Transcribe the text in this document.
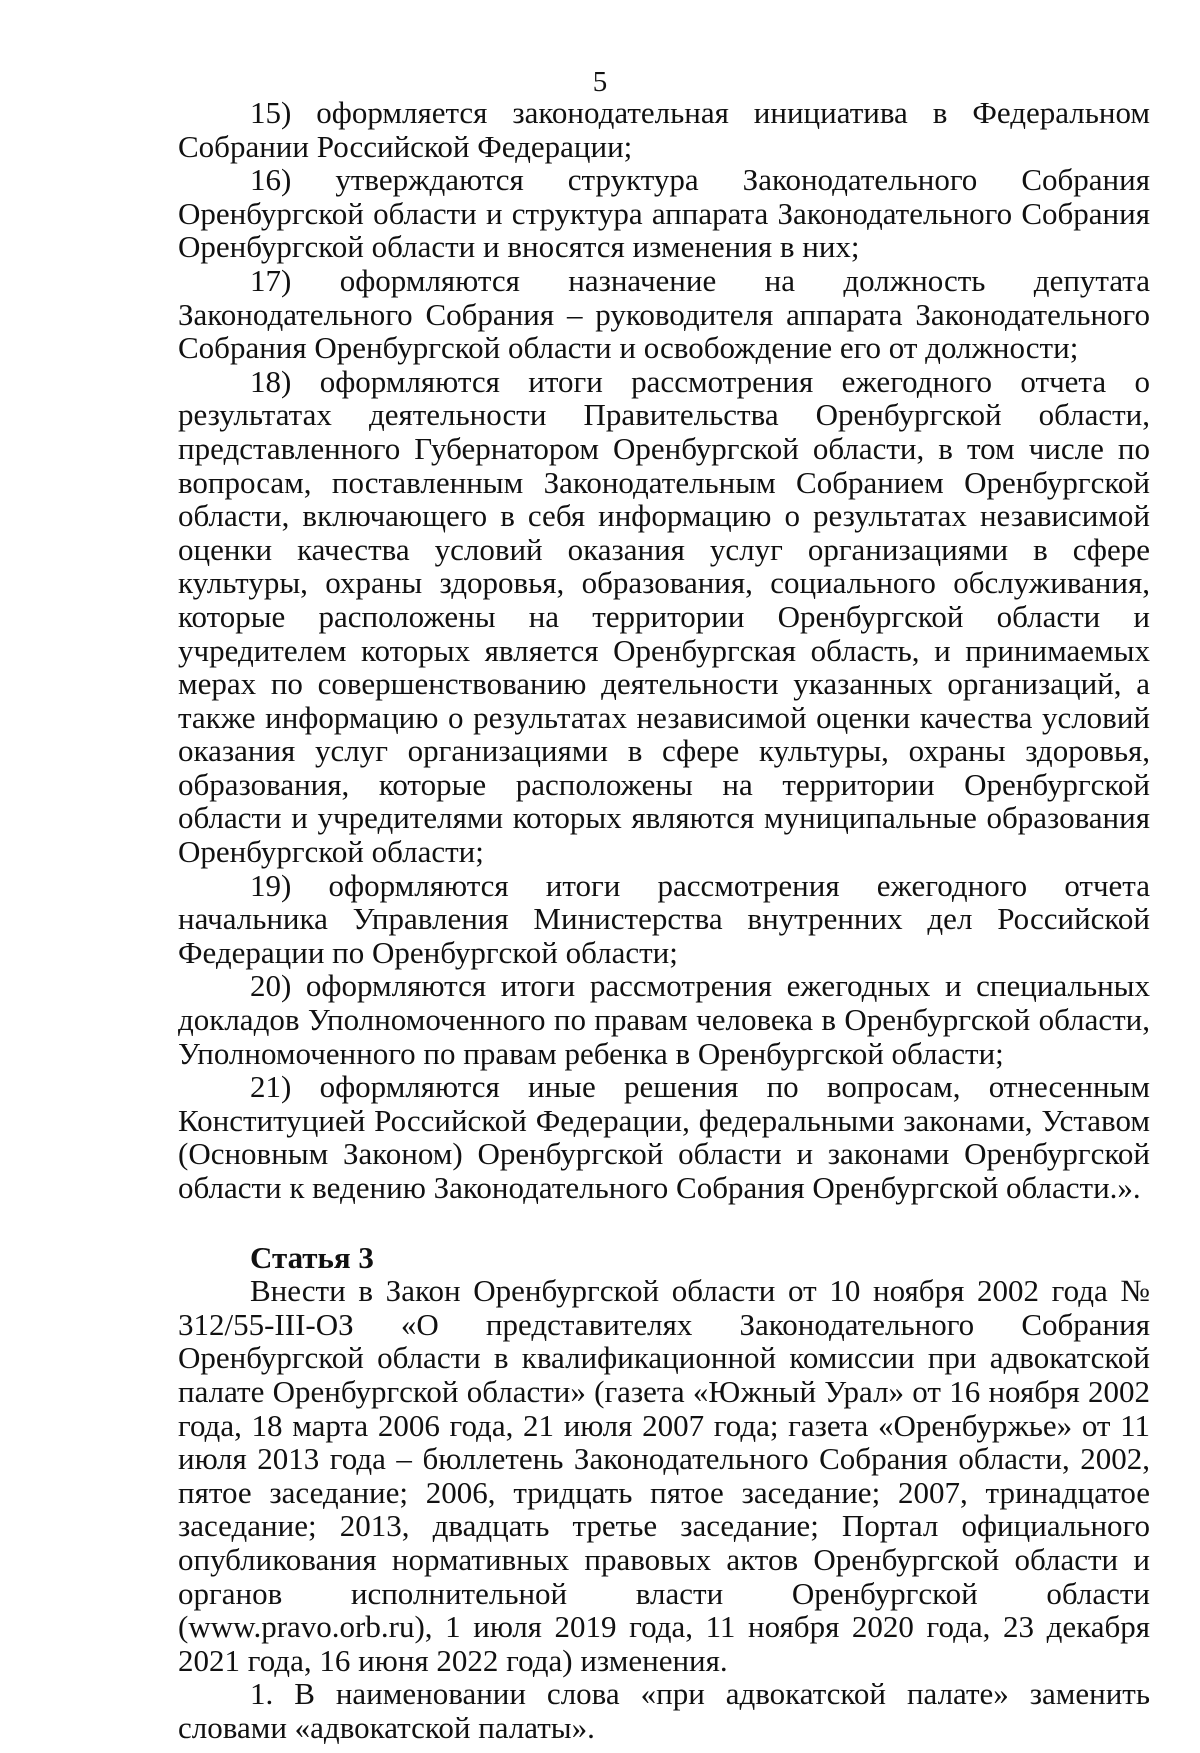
5

15) оформляется законодательная инициатива в Федеральном Собрании Российской Федерации;

16) утверждаются структура Законодательного Собрания Оренбургской области и структура аппарата Законодательного Собрания Оренбургской области и вносятся изменения в них;

17) оформляются назначение на должность депутата Законодательного Собрания – руководителя аппарата Законодательного Собрания Оренбургской области и освобождение его от должности;

18) оформляются итоги рассмотрения ежегодного отчета о результатах деятельности Правительства Оренбургской области, представленного Губернатором Оренбургской области, в том числе по вопросам, поставленным Законодательным Собранием Оренбургской области, включающего в себя информацию о результатах независимой оценки качества условий оказания услуг организациями в сфере культуры, охраны здоровья, образования, социального обслуживания, которые расположены на территории Оренбургской области и учредителем которых является Оренбургская область, и принимаемых мерах по совершенствованию деятельности указанных организаций, а также информацию о результатах независимой оценки качества условий оказания услуг организациями в сфере культуры, охраны здоровья, образования, которые расположены на территории Оренбургской области и учредителями которых являются муниципальные образования Оренбургской области;

19) оформляются итоги рассмотрения ежегодного отчета начальника Управления Министерства внутренних дел Российской Федерации по Оренбургской области;

20) оформляются итоги рассмотрения ежегодных и специальных докладов Уполномоченного по правам человека в Оренбургской области, Уполномоченного по правам ребенка в Оренбургской области;

21) оформляются иные решения по вопросам, отнесенным Конституцией Российской Федерации, федеральными законами, Уставом (Основным Законом) Оренбургской области и законами Оренбургской области к ведению Законодательного Собрания Оренбургской области.».

Статья 3

Внести в Закон Оренбургской области от 10 ноября 2002 года № 312/55-III-ОЗ «О представителях Законодательного Собрания Оренбургской области в квалификационной комиссии при адвокатской палате Оренбургской области» (газета «Южный Урал» от 16 ноября 2002 года, 18 марта 2006 года, 21 июля 2007 года; газета «Оренбуржье» от 11 июля 2013 года – бюллетень Законодательного Собрания области, 2002, пятое заседание; 2006, тридцать пятое заседание; 2007, тринадцатое заседание; 2013, двадцать третье заседание; Портал официального опубликования нормативных правовых актов Оренбургской области и органов исполнительной власти Оренбургской области (www.pravo.orb.ru), 1 июля 2019 года, 11 ноября 2020 года, 23 декабря 2021 года, 16 июня 2022 года) изменения.

1. В наименовании слова «при адвокатской палате» заменить словами «адвокатской палаты».
